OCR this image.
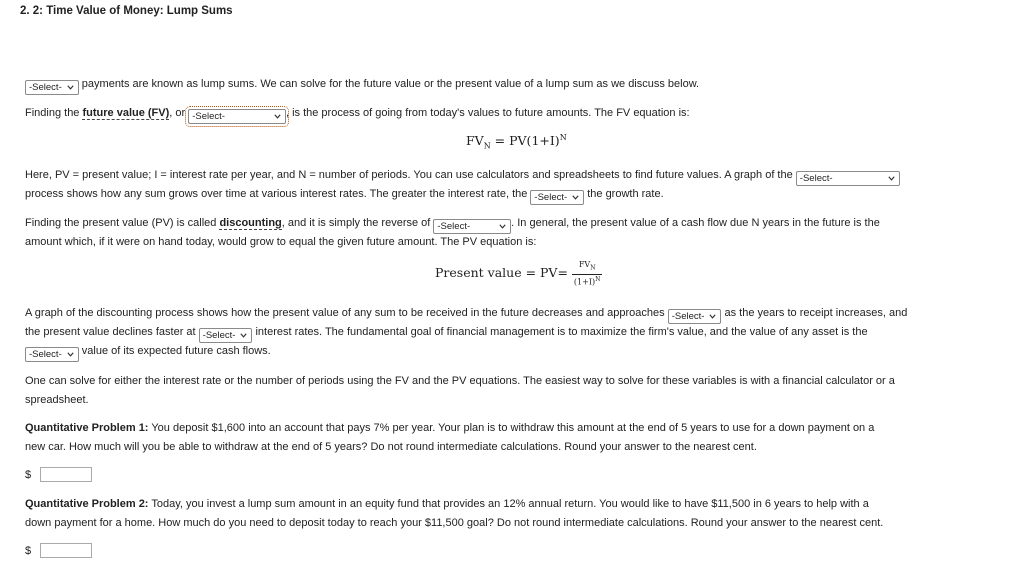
2. 2: Time Value of Money: Lump Sums
-Select- payments are known as lump sums. We can solve for the future value or the present value of a lump sum as we discuss below.
Finding the future value (FV), or -Select-	, is the process of going from today's values to future amounts. The FV equation is:
$FV_N = PV(1+I)^N$
Here, PV = present value; I = interest rate per year, and N = number of periods. You can use calculators and spreadsheets to find future values. A graph of the -Select-
process shows how any sum grows over time at various interest rates. The greater the interest rate, the -Select- the growth rate.
Finding the present value (PV) is called discounting, and it is simply the reverse of -Select-	. In general, the present value of a cash flow due N years in the future is the
amount which, if it were on hand today, would grow to equal the given future amount. The PV equation is:
Present value = $PV= \frac{FV_N}{(1+I)^N}$
A graph of the discounting process shows how the present value of any sum to be received in the future decreases and approaches -Select- as the years to receipt increases, and
the present value declines faster at -Select- interest rates. The fundamental goal of financial management is to maximize the firm's value, and the value of any asset is the
-Select- value of its expected future cash flows.
One can solve for either the interest rate or the number of periods using the FV and the PV equations. The easiest way to solve for these variables is with a financial calculator or a
spreadsheet.
Quantitative Problem 1: You deposit $1,600 into an account that pays 7% per year. Your plan is to withdraw this amount at the end of 5 years to use for a down payment on a
new car. How much will you be able to withdraw at the end of 5 years? Do not round intermediate calculations. Round your answer to the nearest cent.
$
Quantitative Problem 2: Today, you invest a lump sum amount in an equity fund that provides an 12% annual return. You would like to have $11,500 in 6 years to help with a
down payment for a home. How much do you need to deposit today to reach your $11,500 goal? Do not round intermediate calculations. Round your answer to the nearest cent.
$
